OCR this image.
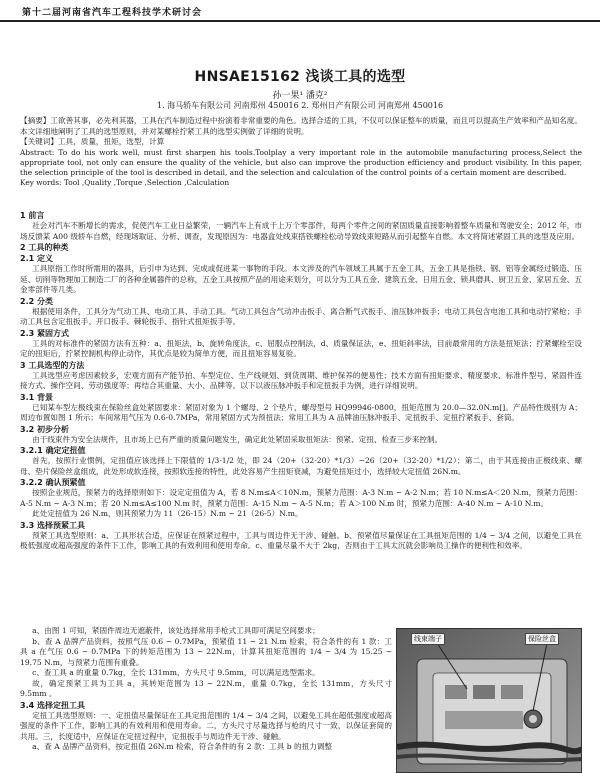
第十二届河南省汽车工程科技学术研讨会
HNSAE15162 浅谈工具的选型
孙一果¹ 潘克²
1. 海马轿车有限公司 河南郑州 450016 2. 郑州日产有限公司 河南郑州 450016

【摘要】工欲善其事，必先利其器，工具在汽车制造过程中扮演着非常重要的角色。选择合适的工具，不仅可以保证整车的质量，而且可以提高生产效率和产品知名度。本文详细地阐明了工具的选型原则，并对某螺栓拧紧工具的选型实例做了详细的说明。

【关键词】工具，质量，扭矩，选型，计算

Abstract: To do his work well, must first sharpen his tools.Toolplay a very important role in the automobile manufacturing process,Select the appropriate tool, not only can ensure the quality of the vehicle, but also can improve the production efficiency and product visibility. In this paper, the selection principle of the tool is described in detail, and the selection and calculation of the control points of a certain moment are described.

Key words: Tool ,Quality ,Torque ,Selection ,Calculation

1 前言

社会对汽车不断增长的需求，促使汽车工业日益繁荣，一辆汽车上有成千上万个零部件，每两个零件之间的紧固质量直接影响着整车质量和驾驶安全；2012 年，市场反馈某 A00 级轿车自燃，经现场取证、分析、调查，发现原因为：电器盒处线束搭铁螺栓松动导致线束短路从而引起整车自燃。本文将简述紧固工具的选型及应用。

2 工具的种类
2.1 定义

工具原指工作时所需用的器具，后引申为达到、完成或促进某一事物的手段。本文涉及的汽车领域工具属于五金工具，五金工具是指铁、钢、铝等金属经过锻造、压延、切削等物理加工制造二厂的各种金属器件的总称，五金工具按照产品的用途来划分，可以分为工具五金、建筑五金、日用五金、锁具磨具、厨卫五金、家居五金、五金零部件等几类。

2.2 分类

根据使用条件，工具分为气动工具、电动工具、手动工具。气动工具包含气动冲击扳手、离合断气式扳手、油压脉冲扳手；电动工具包含电池工具和电动拧紧枪；手动工具包含定扭扳手、开口扳手、棘轮扳手、指针式扭矩扳手等。

2.3 紧固方式

工具的对标准件的紧固方法有五种：a、扭矩法，b、旋转角度法，c、屈服点控制法，d、质量保证法，e、扭矩斜率法，目前最常用的方法是扭矩法；拧紧螺栓至设定的扭矩后，拧紧控制机构停止动作，其优点是较为简单方便，而且扭矩容易复验。

3 工具选型的方法

工具选型应考虑因素较多，宏观方面有产能节拍、车型定位、生产线规划、到货周期、维护保养的便易性；技术方面有扭矩要求、精度要求、标准件型号、紧固件连接方式、操作空间、劳动强度等；再结合其重量、大小、品牌等。以下以液压脉冲扳手和定扭扳手为例，进行详细说明。

3.1 背景

已知某车型左极线束在保险丝盒处紧固要求：紧固对象为 1 个螺母、2 个垫片，螺母型号 HQ99946-0800，扭矩范围为 20.0—32.0N.m[]。产品特性级别为 A；周边布置如图 1 所示；车间常用气压为 0.6-0.7MPa，常用紧固方式为预扭法；常用工具为 A 品牌油压脉冲扳手、定扭扳手、定扭拧紧扳手、套筒。

3.2 初步分析

由于线束件为安全法规件，且市场上已有严重的质量问题发生，确定此处紧固采取扭矩法：预紧、定扭、检查三步来控制。

3.2.1 确定定扭值

首先，按照行业惯例，定扭值应该选择上下限值的 1/3-1/2 处，即 24（20+（32-20）*1/3）~26（20+（32-20）*1/2）；第二，由于其连接由正极线束、螺母、垫片保险丝盒组成，此处形成软连接，按照软连接的特性，此处容易产生扭矩衰减，为避免扭矩过小，选择较大定扭值 26N.m。

3.2.2 确认预紧值

按照企业规范，预紧力的选择原则如下：设定定扭值为 A，若 8 N.m≤A＜10N.m，预紧力范围：A-3 N.m ~ A-2 N.m；若 10 N.m≤A＜20 N.m，预紧力范围：A-5 N.m ~ A-3 N.m；若 20 N.m≤A≤100 N.m 时，预紧力范围：A-15 N.m ~ A-5 N.m；若 A＞100 N.m 时，预紧力范围：A-40 N.m ~ A-10 N.m。

此处定扭值为 26 N.m，则其预紧力为 11（26-15）N.m ~ 21（26-5）N.m。

3.3 选择预紧工具

预紧工具选型原则：a、工具形状合适，应保证在预紧过程中，工具与周边件无干涉、碰触。b、预紧值尽量保证在工具扭矩范围的 1/4 ~ 3/4 之间，以避免工具在极低强度或超高强度的条件下工作，影响工具的有效利用和使用寿命。c、重量尽量不大于 2kg，否则由于工具太沉就会影响员工操作的便利性和效率。

a、由图 1 可知，紧固件周边无遮蔽件，该处选择常用手枪式工具即可满足空间要求；

b、查 A 品牌产品资料，按照气压 0.6 ~ 0.7MPa，预紧值 11 ~ 21 N.m 检索，符合条件的有 1 款：工具 a 在气压 0.6 ~ 0.7MPa 下的转矩范围为 13 ~ 22N.m，计算其扭矩范围的 1/4 ~ 3/4 为 15.25 ~ 19.75 N.m，与预紧力范围有重叠。

c、查工具 a 的重量 0.7kg，全长 131mm，方头尺寸 9.5mm，可以满足选型需求。

故，确定预紧工具为工具 a，其转矩范围为 13 ~ 22N.m，重量 0.7kg，全长 131mm，方头尺寸 9.5mm 。

3.4 选择定扭工具

定扭工具选型原则：一、定扭值尽量保证在工具定扭范围的 1/4 ~ 3/4 之间，以避免工具在超低强度或超高强度的条件下工作，影响工具的有效利用和使用寿命。二，方头尺寸尽量选择与枪的尺寸一致，以保证套筒的共用。三，长度适中，应保证在定扭过程中，定扭扳手与周边件无干涉、碰触。

a、查 A 品牌产品资料，按定扭值 26N.m 检索，符合条件的有 2 款：工具 b 的扭力调整

线束端子	保险丝盒
